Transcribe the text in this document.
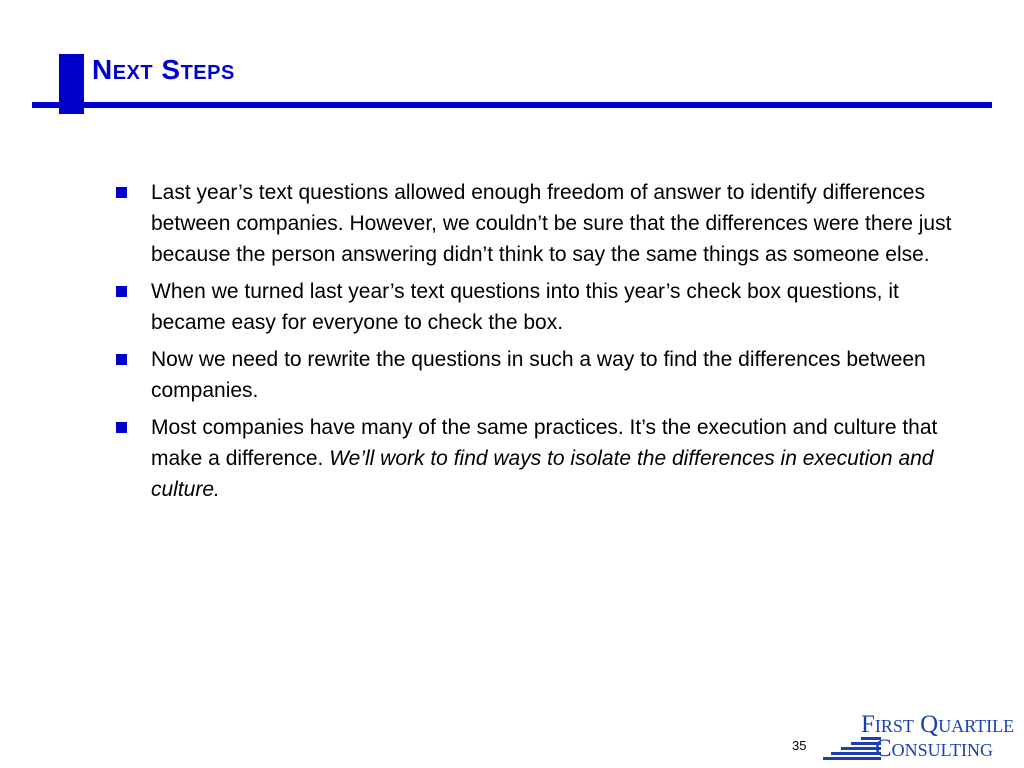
Next Steps
Last year’s text questions allowed enough freedom of answer to identify differences between companies. However, we couldn’t be sure that the differences were there just because the person answering didn’t think to say the same things as someone else.
When we turned last year’s text questions into this year’s check box questions, it became easy for everyone to check the box.
Now we need to rewrite the questions in such a way to find the differences between companies.
Most companies have many of the same practices. It’s the execution and culture that make a difference. We’ll work to find ways to isolate the differences in execution and culture.
35
First Quartile
Consulting
